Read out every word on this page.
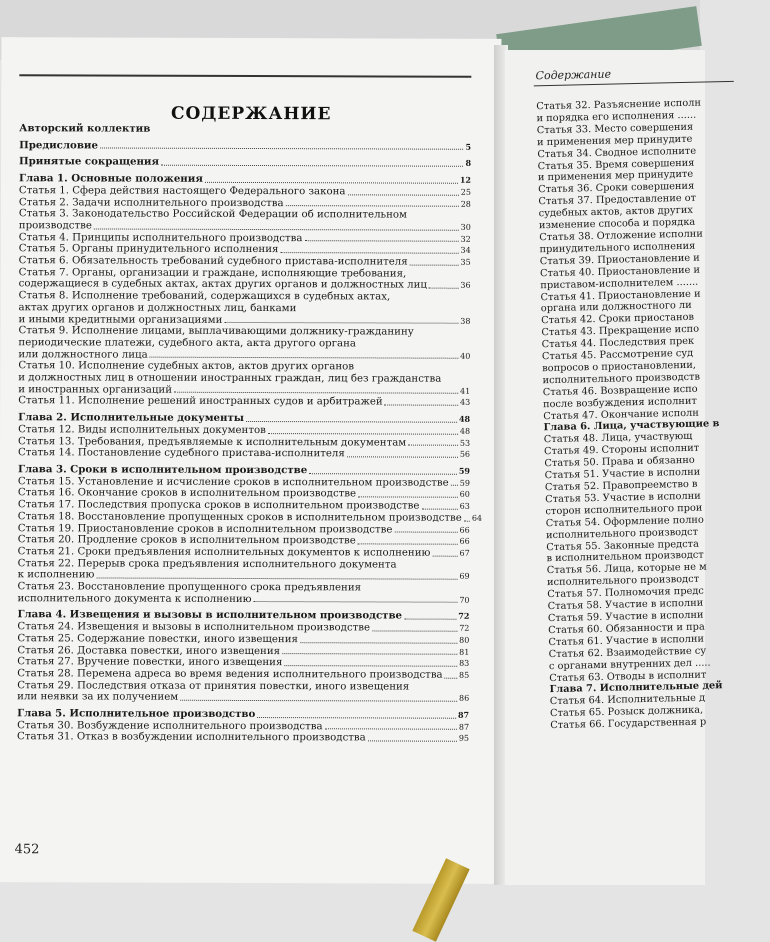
СОДЕРЖАНИЕ
Авторский коллектив
Предисловие	5
Принятые сокращения	8
Глава 1. Основные положения	12
Статья 1. Сфера действия настоящего Федерального закона	25
Статья 2. Задачи исполнительного производства	28
Статья 3. Законодательство Российской Федерации об исполнительном
производстве	30
Статья 4. Принципы исполнительного производства	32
Статья 5. Органы принудительного исполнения	34
Статья 6. Обязательность требований судебного пристава-исполнителя	35
Статья 7. Органы, организации и граждане, исполняющие требования,
содержащиеся в судебных актах, актах других органов и должностных лиц	36
Статья 8. Исполнение требований, содержащихся в судебных актах,
актах других органов и должностных лиц, банками
и иными кредитными организациями	38
Статья 9. Исполнение лицами, выплачивающими должнику-гражданину
периодические платежи, судебного акта, акта другого органа
или должностного лица	40
Статья 10. Исполнение судебных актов, актов других органов
и должностных лиц в отношении иностранных граждан, лиц без гражданства
и иностранных организаций	41
Статья 11. Исполнение решений иностранных судов и арбитражей	43
Глава 2. Исполнительные документы	48
Статья 12. Виды исполнительных документов	48
Статья 13. Требования, предъявляемые к исполнительным документам	53
Статья 14. Постановление судебного пристава-исполнителя	56
Глава 3. Сроки в исполнительном производстве	59
Статья 15. Установление и исчисление сроков в исполнительном производстве 59
Статья 16. Окончание сроков в исполнительном производстве	60
Статья 17. Последствия пропуска сроков в исполнительном производстве	63
Статья 18. Восстановление пропущенных сроков в исполнительном производстве 64
Статья 19. Приостановление сроков в исполнительном производстве	66
Статья 20. Продление сроков в исполнительном производстве	66
Статья 21. Сроки предъявления исполнительных документов к исполнению	67
Статья 22. Перерыв срока предъявления исполнительного документа
к исполнению	69
Статья 23. Восстановление пропущенного срока предъявления
исполнительного документа к исполнению	70
Глава 4. Извещения и вызовы в исполнительном производстве	72
Статья 24. Извещения и вызовы в исполнительном производстве	72
Статья 25. Содержание повестки, иного извещения	80
Статья 26. Доставка повестки, иного извещения	81
Статья 27. Вручение повестки, иного извещения	83
Статья 28. Перемена адреса во время ведения исполнительного производства 85
Статья 29. Последствия отказа от принятия повестки, иного извещения
или неявки за их получением	86
Глава 5. Исполнительное производство	87
Статья 30. Возбуждение исполнительного производства	87
Статья 31. Отказ в возбуждении исполнительного производства	95
452
Содержание
Статья 32. Разъяснение исполн
и порядка его исполнения ......
Статья 33. Место совершения
и применения мер принудите
Статья 34. Сводное исполните
Статья 35. Время совершения
и применения мер принудите
Статья 36. Сроки совершения
Статья 37. Предоставление от
судебных актов, актов других
изменение способа и порядка
Статья 38. Отложение исполни
принудительного исполнения
Статья 39. Приостановление и
Статья 40. Приостановление и
приставом-исполнителем .......
Статья 41. Приостановление и
органа или должностного ли
Статья 42. Сроки приостанов
Статья 43. Прекращение испо
Статья 44. Последствия прек
Статья 45. Рассмотрение суд
вопросов о приостановлении,
исполнительного производств
Статья 46. Возвращение испо
после возбуждения исполнит
Статья 47. Окончание исполн
Глава 6. Лица, участвующие в
Статья 48. Лица, участвующ
Статья 49. Стороны исполнит
Статья 50. Права и обязанно
Статья 51. Участие в исполни
Статья 52. Правопреемство в
Статья 53. Участие в исполни
сторон исполнительного прои
Статья 54. Оформление полно
исполнительного производст
Статья 55. Законные предста
в исполнительном производст
Статья 56. Лица, которые не м
исполнительного производст
Статья 57. Полномочия предс
Статья 58. Участие в исполни
Статья 59. Участие в исполни
Статья 60. Обязанности и пра
Статья 61. Участие в исполни
Статья 62. Взаимодействие су
с органами внутренних дел .....
Статья 63. Отводы в исполнит
Глава 7. Исполнительные дей
Статья 64. Исполнительные д
Статья 65. Розыск должника,
Статья 66. Государственная р
